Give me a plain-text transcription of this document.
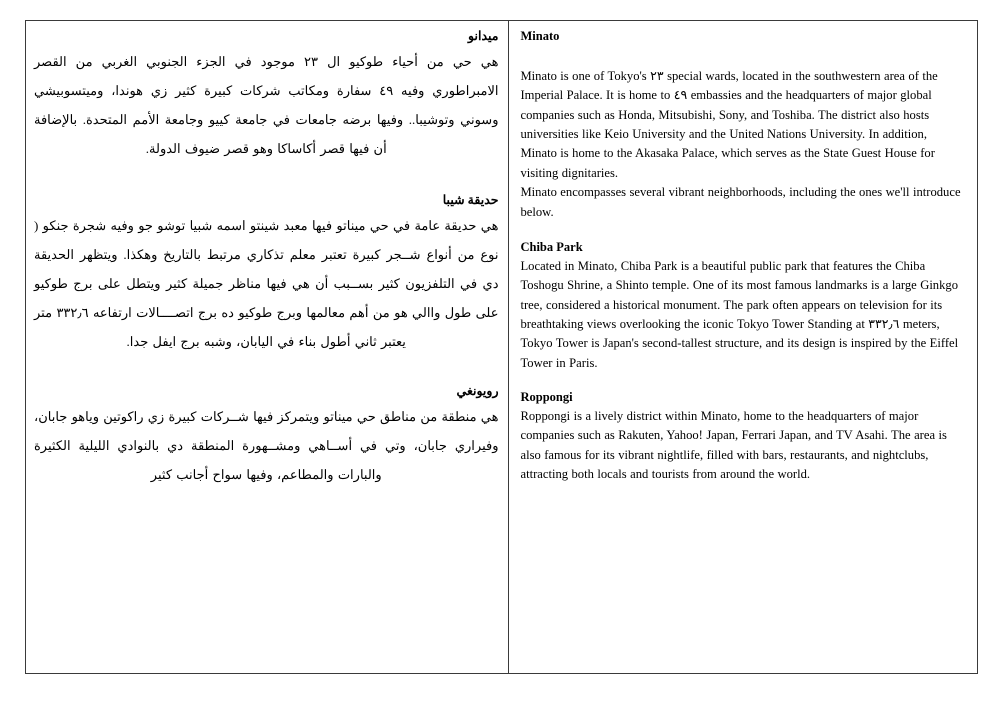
ميدانو
هي حي من أحياء طوكيو ال ٢٣ موجود في الجزء الجنوبي الغربي من القصر الامبراطوري وفيه ٤٩ سفارة ومكاتب شركات كبيرة كثير زي هوندا، وميتسوبيشي وسوني وتوشيبا.. وفيها برضه جامعات في جامعة كييو وجامعة الأمم المتحدة. بالإضافة أن فيها قصر أكاساكا وهو قصر ضيوف الدولة.
حديقة شيبا
هي حديقة عامة في حي ميناتو فيها معبد شينتو اسمه شبيا توشو جو وفيه شجرة جنكو ( نوع من أنواع شــجر كبيرة تعتبر معلم تذكاري مرتبط بالتاريخ وهكذا. ويتظهر الحديقة دي في التلفزيون كثير بســبب أن هي فيها مناظر جميلة كثير ويتطل على برج طوكيو على طول واالي هو من أهم معالمها وبرج طوكيو ده برج اتصــــالات ارتفاعه ٣٣٢٫٦ متر يعتبر ثاني أطول بناء في اليابان، وشبه برج ايفل جدا.
رويونغي
هي منطقة من مناطق حي ميناتو ويتمركز فيها شــركات كبيرة زي راكوتين وياهو جابان، وفيراري جابان، وتي في أســاهي ومشــهورة المنطقة دي بالنوادي الليلية الكثيرة والبارات والمطاعم، وفيها سواح أجانب كثير
Minato

Minato is one of Tokyo's ٢٣ special wards, located in the southwestern area of the Imperial Palace. It is home to ٤٩ embassies and the headquarters of major global companies such as Honda, Mitsubishi, Sony, and Toshiba. The district also hosts universities like Keio University and the United Nations University. In addition, Minato is home to the Akasaka Palace, which serves as the State Guest House for visiting dignitaries.

Minato encompasses several vibrant neighborhoods, including the ones we'll introduce below.

Chiba Park

Located in Minato, Chiba Park is a beautiful public park that features the Chiba Toshogu Shrine, a Shinto temple. One of its most famous landmarks is a large Ginkgo tree, considered a historical monument. The park often appears on television for its breathtaking views overlooking the iconic Tokyo Tower Standing at ٣٣٢٫٦ meters, Tokyo Tower is Japan's second-tallest structure, and its design is inspired by the Eiffel Tower in Paris.

Roppongi

Roppongi is a lively district within Minato, home to the headquarters of major companies such as Rakuten, Yahoo! Japan, Ferrari Japan, and TV Asahi. The area is also famous for its vibrant nightlife, filled with bars, restaurants, and nightclubs, attracting both locals and tourists from around the world.
